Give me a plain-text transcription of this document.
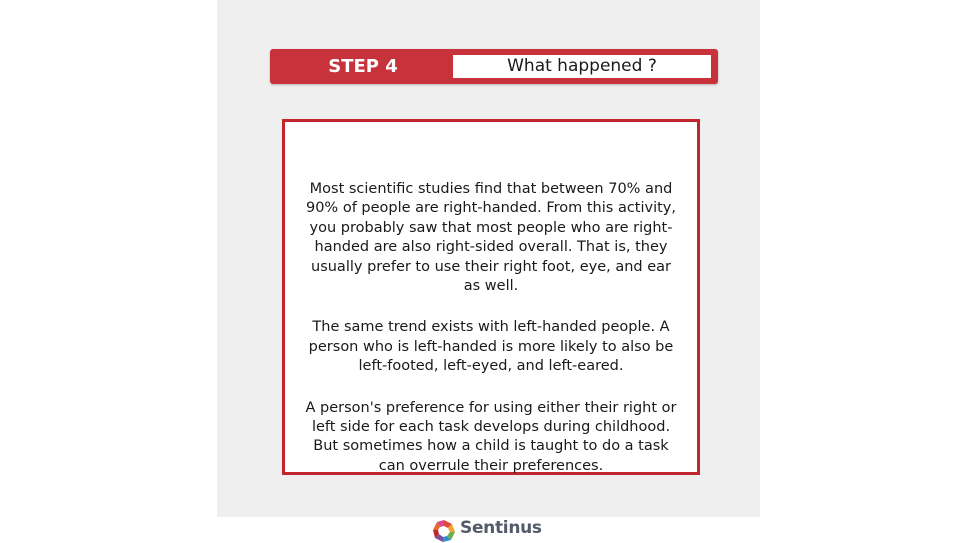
STEP 4	What happened ?

Most scientific studies find that between 70% and 90% of people are right-handed. From this activity, you probably saw that most people who are right-handed are also right-sided overall. That is, they usually prefer to use their right foot, eye, and ear as well.

The same trend exists with left-handed people. A person who is left-handed is more likely to also be left-footed, left-eyed, and left-eared.

A person's preference for using either their right or left side for each task develops during childhood. But sometimes how a child is taught to do a task can overrule their preferences.

Sentinus
